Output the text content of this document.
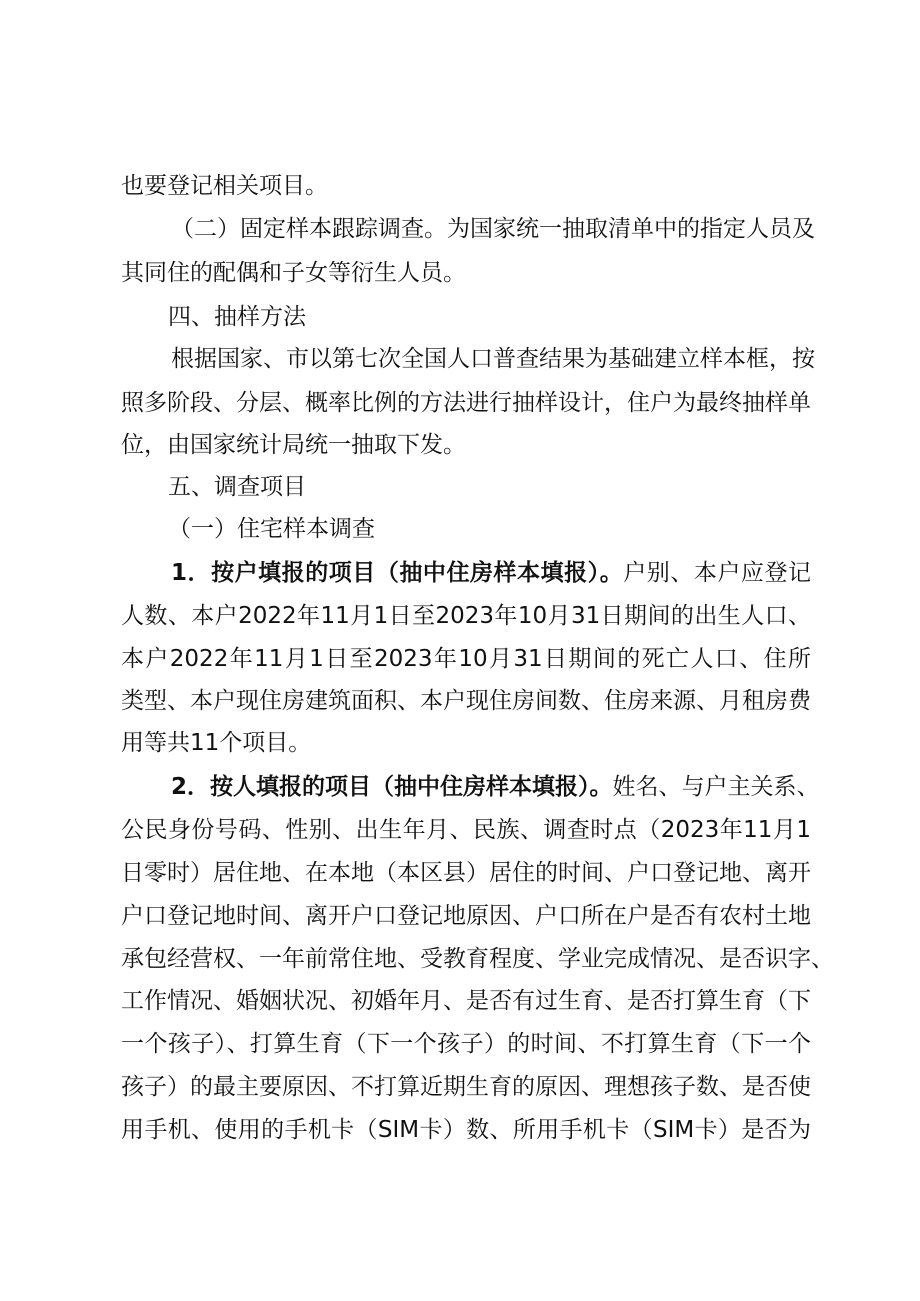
也要登记相关项目。
（二）固定样本跟踪调查。为国家统一抽取清单中的指定人员及
其同住的配偶和子女等衍生人员。
四、抽样方法
根据国家、市以第七次全国人口普查结果为基础建立样本框，按
照多阶段、分层、概率比例的方法进行抽样设计，住户为最终抽样单
位，由国家统计局统一抽取下发。
五、调查项目
（一）住宅样本调查
1．按户填报的项目（抽中住房样本填报）。户别、本户应登记
人数、本户2022年11月1日至2023年10月31日期间的出生人口、
本户2022年11月1日至2023年10月31日期间的死亡人口、住所
类型、本户现住房建筑面积、本户现住房间数、住房来源、月租房费
用等共11个项目。
2．按人填报的项目（抽中住房样本填报）。姓名、与户主关系、
公民身份号码、性别、出生年月、民族、调查时点（2023年11月1
日零时）居住地、在本地（本区县）居住的时间、户口登记地、离开
户口登记地时间、离开户口登记地原因、户口所在户是否有农村土地
承包经营权、一年前常住地、受教育程度、学业完成情况、是否识字、
工作情况、婚姻状况、初婚年月、是否有过生育、是否打算生育（下
一个孩子）、打算生育（下一个孩子）的时间、不打算生育（下一个
孩子）的最主要原因、不打算近期生育的原因、理想孩子数、是否使
用手机、使用的手机卡（SIM卡）数、所用手机卡（SIM卡）是否为
